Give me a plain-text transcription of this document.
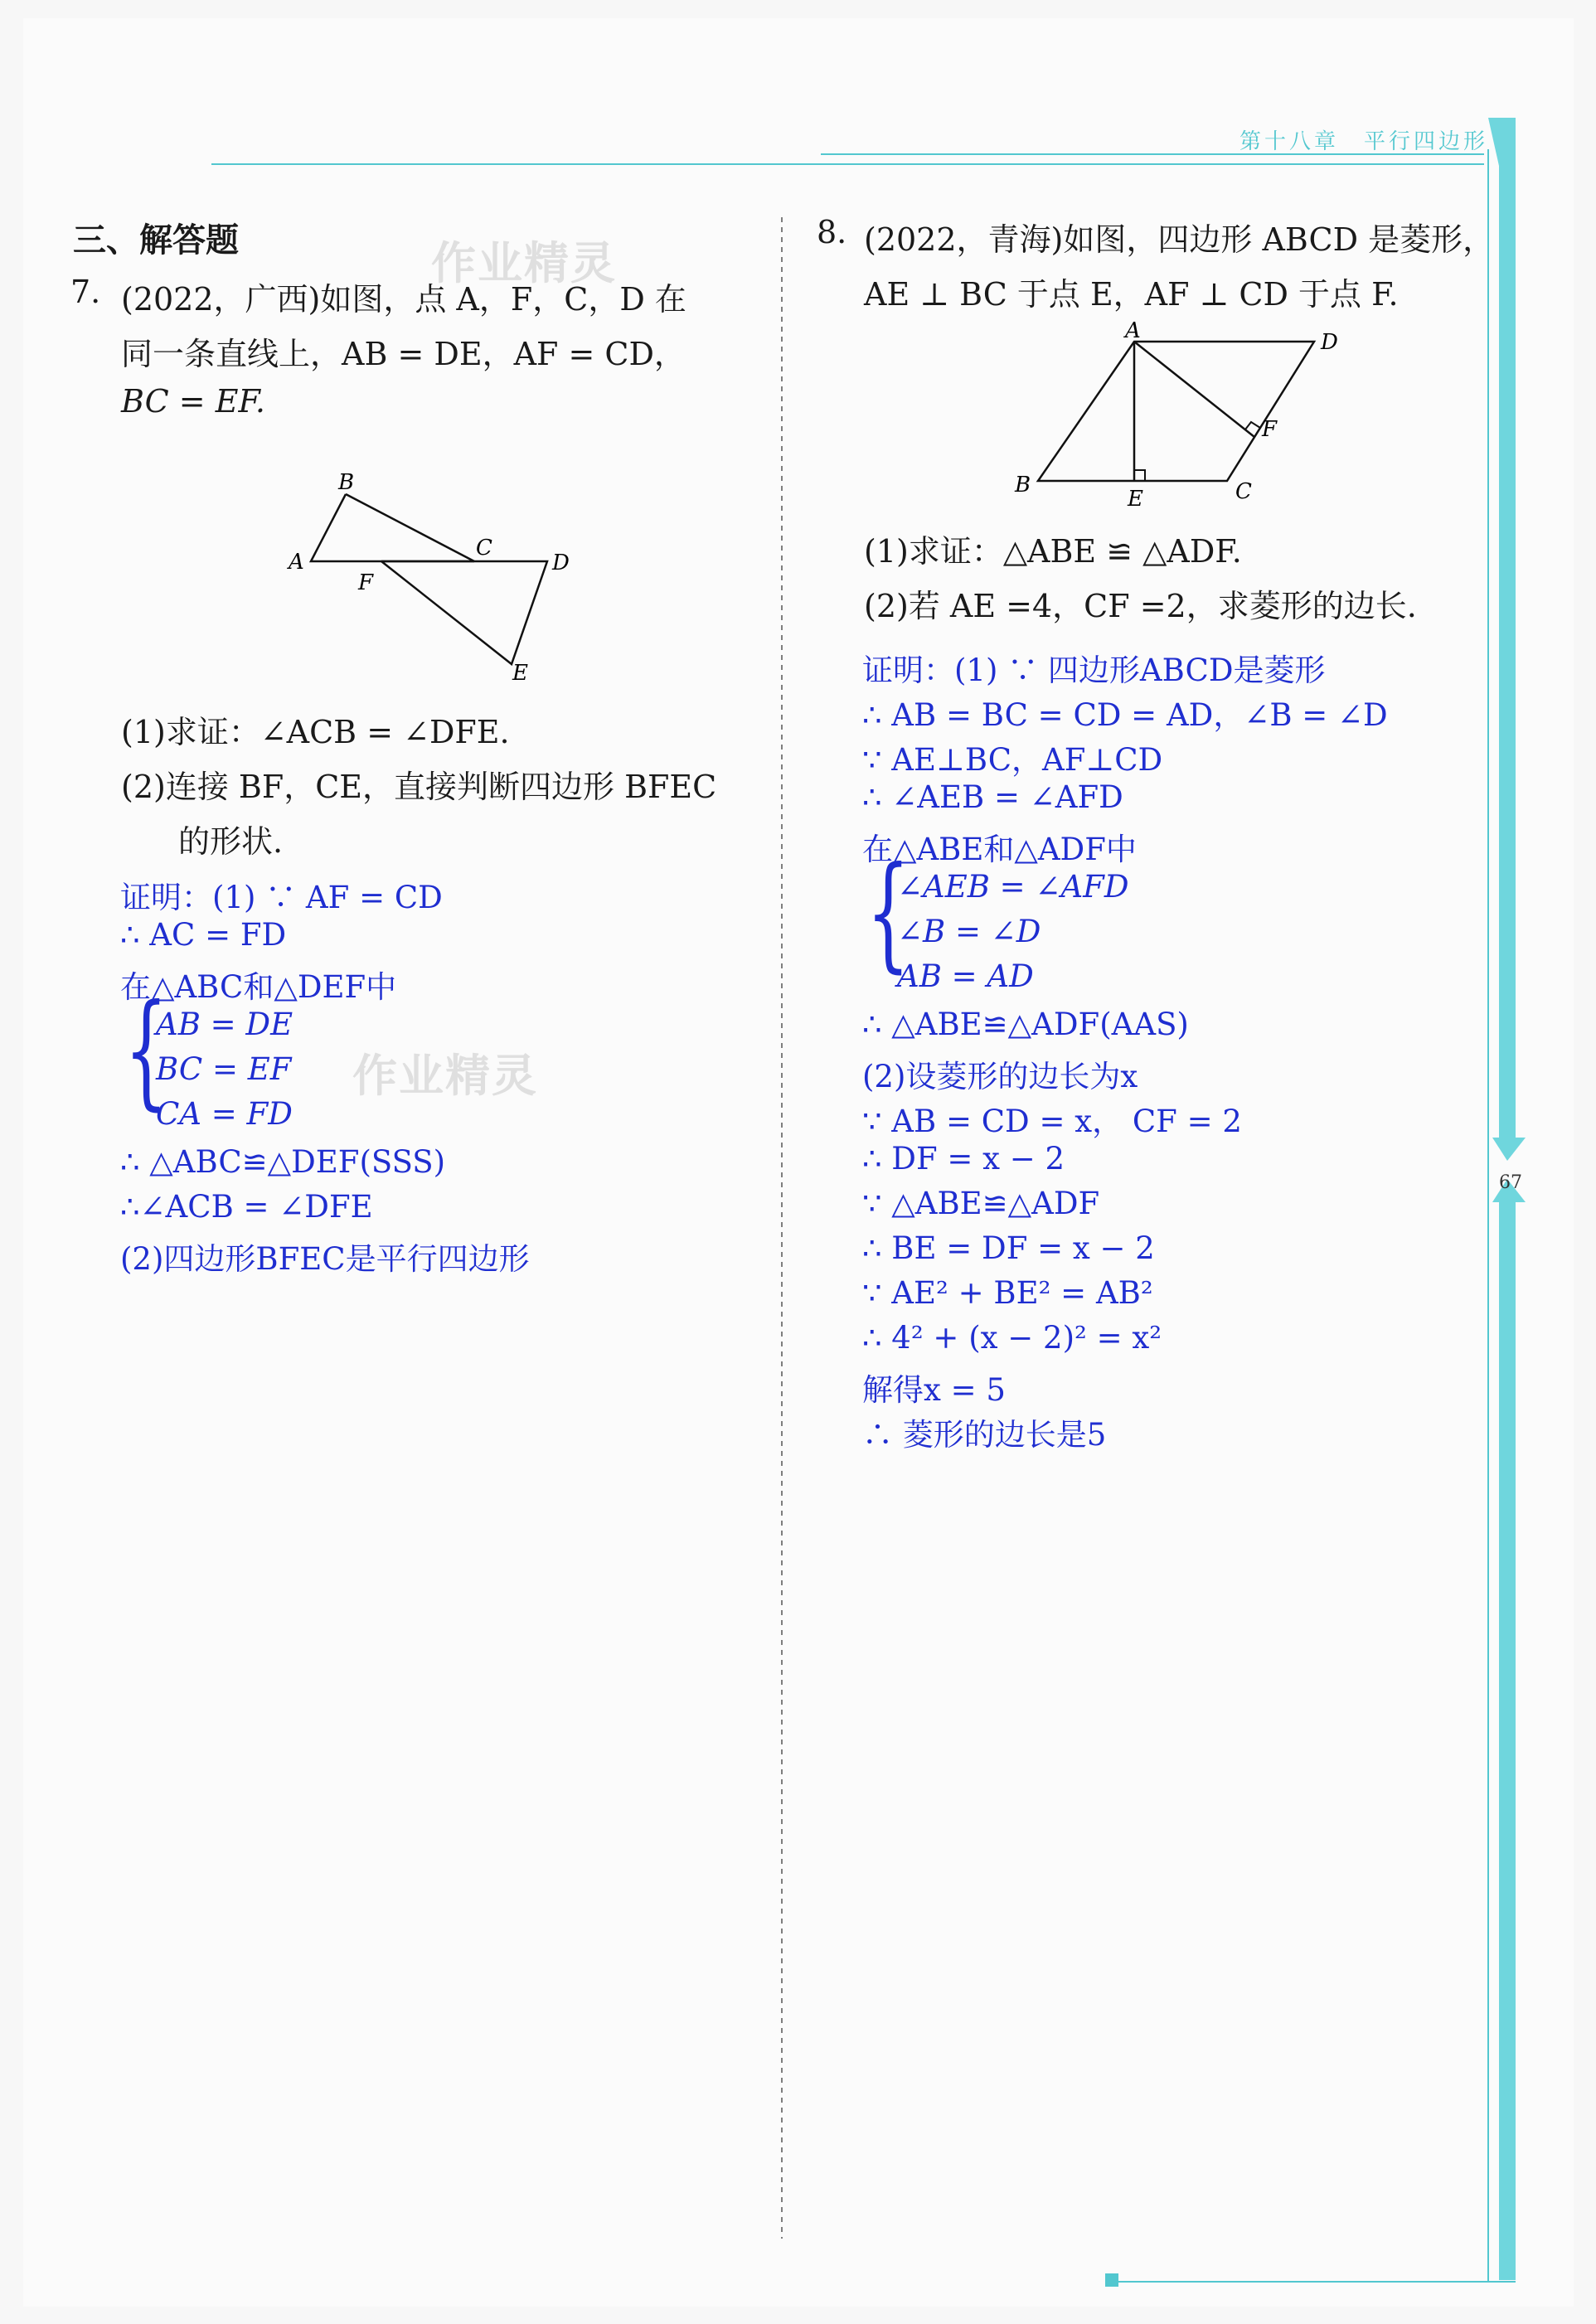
第十八章　平行四边形
67
作业精灵
作业精灵
三、解答题
7. (2022，广西)如图，点 A，F，C，D 在
同一条直线上，AB = DE，AF = CD，
BC = EF.
B
A
F
C
D
E
(1)求证：∠ACB = ∠DFE.
(2)连接 BF，CE，直接判断四边形 BFEC
的形状.
证明：(1) ∵ AF = CD
∴ AC = FD
在△ABC和△DEF中
{
AB = DE
BC = EF
CA = FD
∴ △ABC≌△DEF(SSS)
∴∠ACB = ∠DFE
(2)四边形BFEC是平行四边形
8. (2022，青海)如图，四边形 ABCD 是菱形，
AE ⊥ BC 于点 E，AF ⊥ CD 于点 F.
A	D
F
B
E	C
(1)求证：△ABE ≌ △ADF.
(2)若 AE =4，CF =2，求菱形的边长.
证明：(1) ∵ 四边形ABCD是菱形
∴ AB = BC = CD = AD，∠B = ∠D
∵ AE⊥BC，AF⊥CD
∴ ∠AEB = ∠AFD
在△ABE和△ADF中
{
∠AEB = ∠AFD
∠B = ∠D
AB = AD
∴ △ABE≌△ADF(AAS)
(2)设菱形的边长为x
∵ AB = CD = x， CF = 2
∴ DF = x − 2
∵ △ABE≌△ADF
∴ BE = DF = x − 2
∵ AE² + BE² = AB²
∴ 4² + (x − 2)² = x²
解得x = 5
∴ 菱形的边长是5
